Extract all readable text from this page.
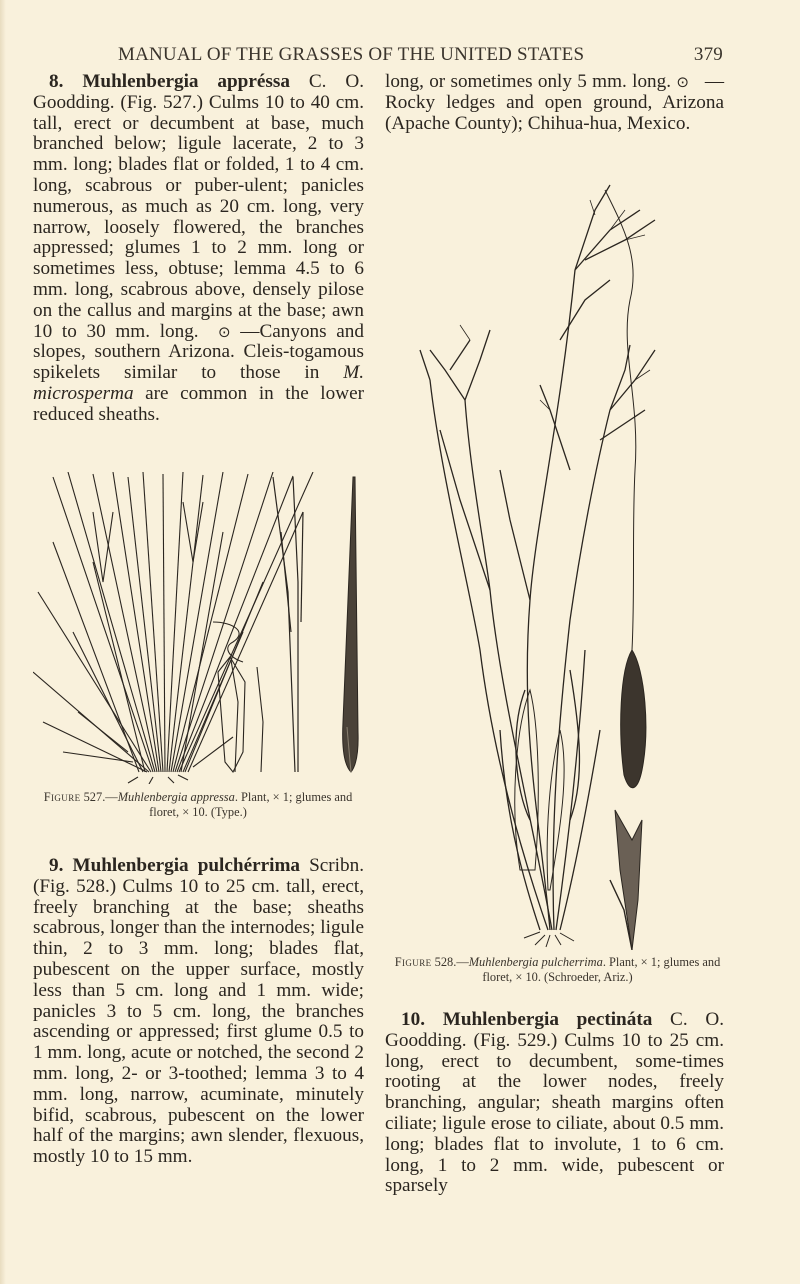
MANUAL OF THE GRASSES OF THE UNITED STATES	379

8. Muhlenbergia appréssa C. O. Goodding. (Fig. 527.) Culms 10 to 40 cm. tall, erect or decumbent at base, much branched below; ligule lacerate, 2 to 3 mm. long; blades flat or folded, 1 to 4 cm. long, scabrous or puber-ulent; panicles numerous, as much as 20 cm. long, very narrow, loosely flowered, the branches appressed; glumes 1 to 2 mm. long or sometimes less, obtuse; lemma 4.5 to 6 mm. long, scabrous above, densely pilose on the callus and margins at the base; awn 10 to 30 mm. long. ⊙ —Canyons and slopes, southern Arizona. Cleis-togamous spikelets similar to those in M. microsperma are common in the lower reduced sheaths.

Figure 527.—Muhlenbergia appressa. Plant, × 1; glumes and floret, × 10. (Type.)

9. Muhlenbergia pulchérrima Scribn. (Fig. 528.) Culms 10 to 25 cm. tall, erect, freely branching at the base; sheaths scabrous, longer than the internodes; ligule thin, 2 to 3 mm. long; blades flat, pubescent on the upper surface, mostly less than 5 cm. long and 1 mm. wide; panicles 3 to 5 cm. long, the branches ascending or appressed; first glume 0.5 to 1 mm. long, acute or notched, the second 2 mm. long, 2- or 3-toothed; lemma 3 to 4 mm. long, narrow, acuminate, minutely bifid, scabrous, pubescent on the lower half of the margins; awn slender, flexuous, mostly 10 to 15 mm.

long, or sometimes only 5 mm. long. ⊙   —Rocky ledges and open ground, Arizona (Apache County); Chihua-hua, Mexico.

Figure 528.—Muhlenbergia pulcherrima. Plant, × 1; glumes and floret, × 10. (Schroeder, Ariz.)

10. Muhlenbergia pectináta C. O. Goodding. (Fig. 529.) Culms 10 to 25 cm. long, erect to decumbent, some-times rooting at the lower nodes, freely branching, angular; sheath margins often ciliate; ligule erose to ciliate, about 0.5 mm. long; blades flat to involute, 1 to 6 cm. long, 1 to 2 mm. wide, pubescent or sparsely
